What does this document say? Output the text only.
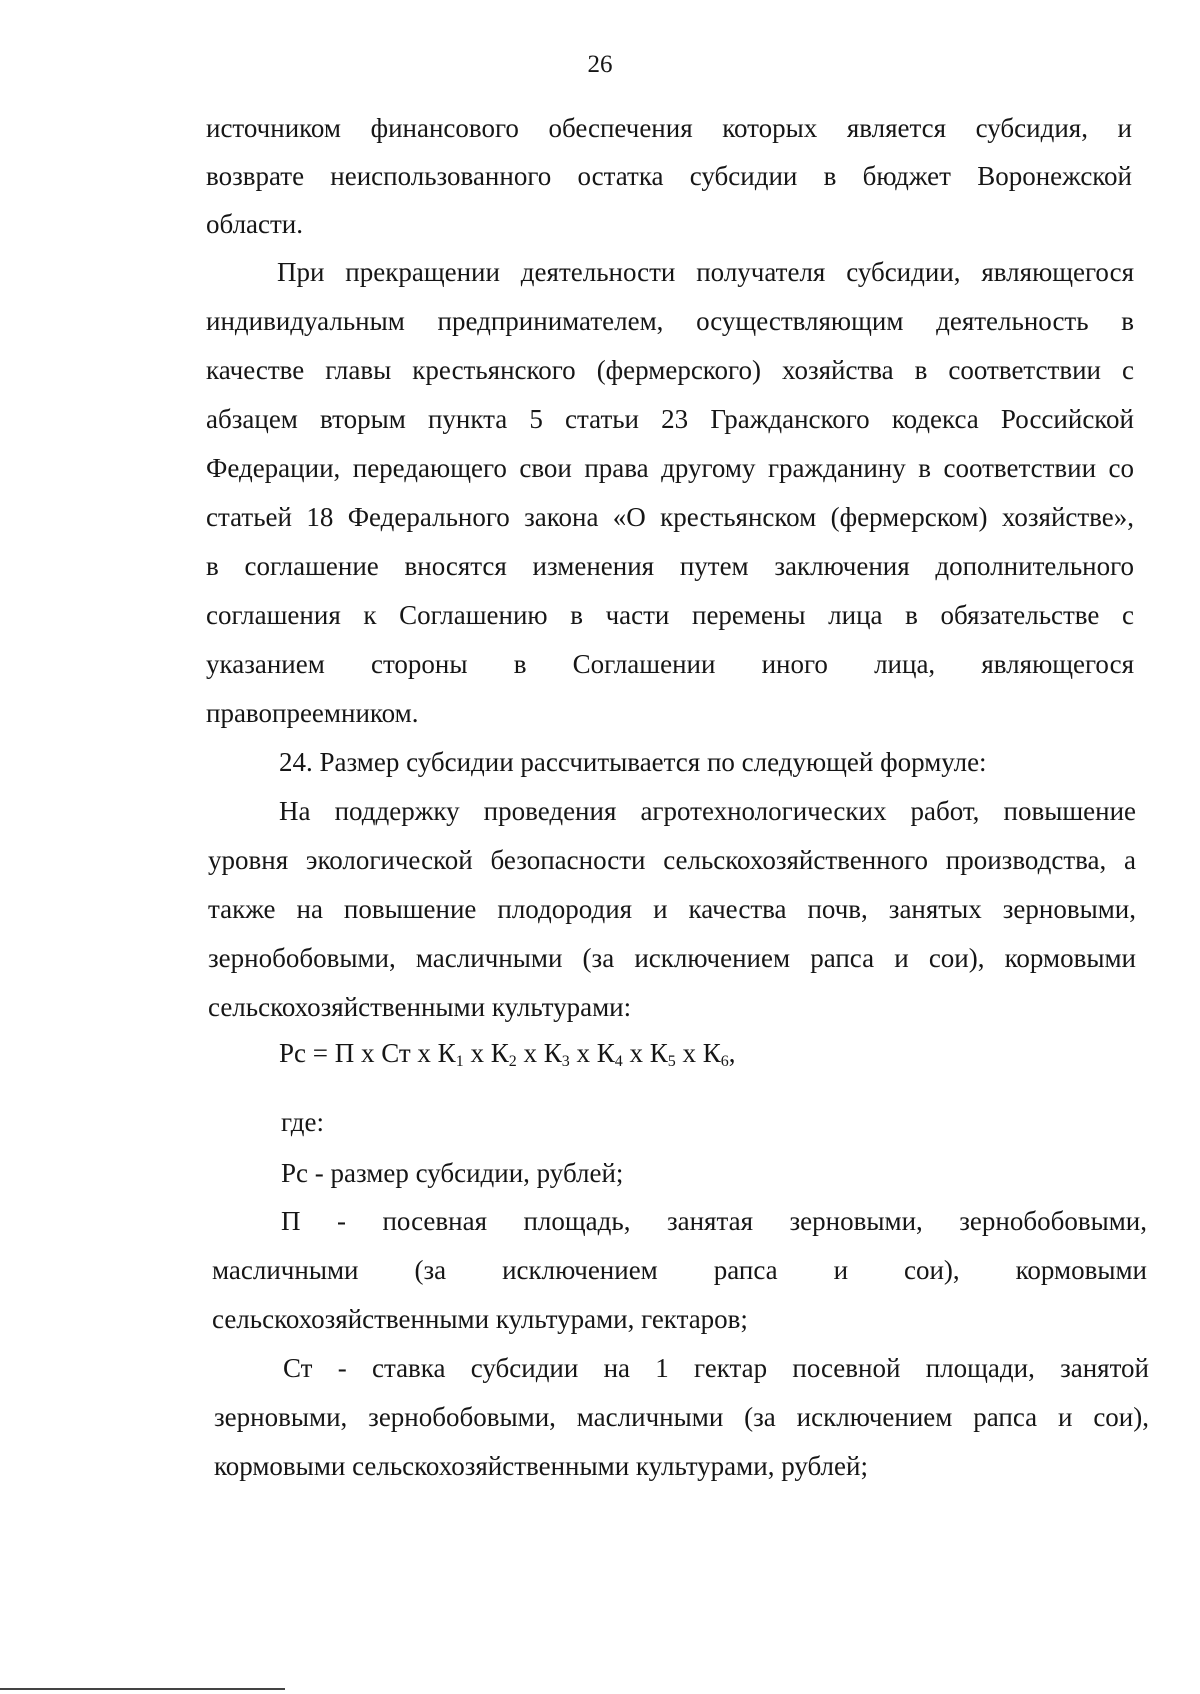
26
источником финансового обеспечения которых является субсидия, и
возврате неиспользованного остатка субсидии в бюджет Воронежской
области.
При прекращении деятельности получателя субсидии, являющегося
индивидуальным предпринимателем, осуществляющим деятельность в
качестве главы крестьянского (фермерского) хозяйства в соответствии с
абзацем вторым пункта 5 статьи 23 Гражданского кодекса Российской
Федерации, передающего свои права другому гражданину в соответствии со
статьей 18 Федерального закона «О крестьянском (фермерском) хозяйстве»,
в соглашение вносятся изменения путем заключения дополнительного
соглашения к Соглашению в части перемены лица в обязательстве с
указанием стороны в Соглашении иного лица, являющегося
правопреемником.
24. Размер субсидии рассчитывается по следующей формуле:
На поддержку проведения агротехнологических работ, повышение
уровня экологической безопасности сельскохозяйственного производства, а
также на повышение плодородия и качества почв, занятых зерновыми,
зернобобовыми, масличными (за исключением рапса и сои), кормовыми
сельскохозяйственными культурами:
Рс = П х Ст х $К_1$ х $К_2$ х $К_3$ х $К_4$ х $К_5$ х $К_6$,
где:
Рс - размер субсидии, рублей;
П - посевная площадь, занятая зерновыми, зернобобовыми,
масличными (за исключением рапса и сои), кормовыми
сельскохозяйственными культурами, гектаров;
Ст - ставка субсидии на 1 гектар посевной площади, занятой
зерновыми, зернобобовыми, масличными (за исключением рапса и сои),
кормовыми сельскохозяйственными культурами, рублей;
